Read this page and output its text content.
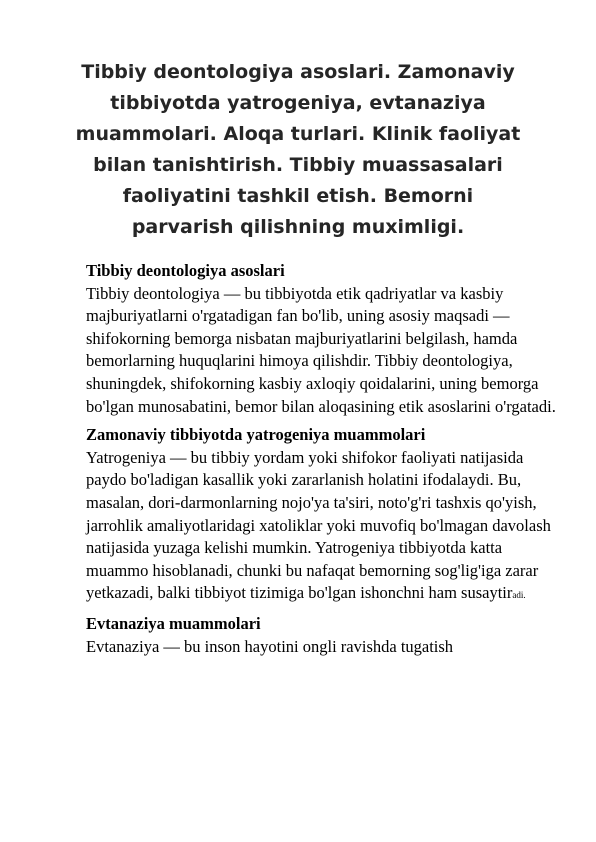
Tibbiy deontologiya asoslari. Zamonaviy tibbiyotda yatrogeniya, evtanaziya muammolari. Aloqa turlari. Klinik faoliyat bilan tanishtirish. Tibbiy muassasalari faoliyatini tashkil etish. Bemorni parvarish qilishning muximligi.
Tibbiy deontologiya asoslari

Tibbiy deontologiya — bu tibbiyotda etik qadriyatlar va kasbiy majburiyatlarni o'rgatadigan fan bo'lib, uning asosiy maqsadi — shifokorning bemorga nisbatan majburiyatlarini belgilash, hamda bemorlarning huquqlarini himoya qilishdir. Tibbiy deontologiya, shuningdek, shifokorning kasbiy axloqiy qoidalarini, uning bemorga bo'lgan munosabatini, bemor bilan aloqasining etik asoslarini o'rgatadi.

Zamonaviy tibbiyotda yatrogeniya muammolari

Yatrogeniya — bu tibbiy yordam yoki shifokor faoliyati natijasida paydo bo'ladigan kasallik yoki zararlanish holatini ifodalaydi. Bu, masalan, dori-darmonlarning nojo'ya ta'siri, noto'g'ri tashxis qo'yish, jarrohlik amaliyotlaridagi xatoliklar yoki muvofiq bo'lmagan davolash natijasida yuzaga kelishi mumkin. Yatrogeniya tibbiyotda katta muammo hisoblanadi, chunki bu nafaqat bemorning sog'lig'iga zarar yetkazadi, balki tibbiyot tizimiga bo'lgan ishonchni ham susaytiradi.

Evtanaziya muammolari

Evtanaziya — bu inson hayotini ongli ravishda tugatish
